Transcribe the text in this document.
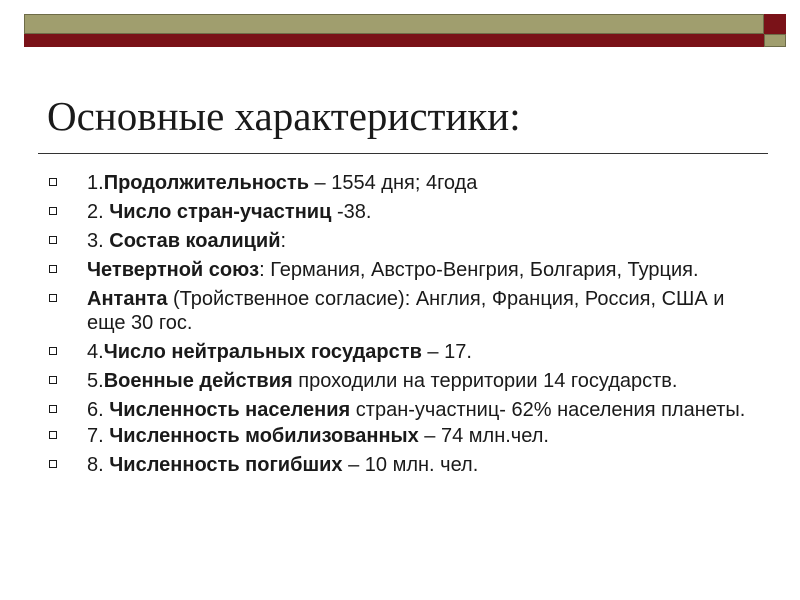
Основные характеристики:
1.Продолжительность – 1554 дня; 4года
2. Число стран-участниц -38.
3. Состав коалиций:
Четвертной союз: Германия, Австро-Венгрия, Болгария, Турция.
Антанта (Тройственное согласие): Англия, Франция, Россия, США и еще 30 гос.
4.Число нейтральных государств – 17.
5.Военные действия проходили на территории 14 государств.
6. Численность населения стран-участниц- 62% населения планеты.
7. Численность мобилизованных – 74 млн.чел.
8. Численность погибших – 10 млн. чел.
